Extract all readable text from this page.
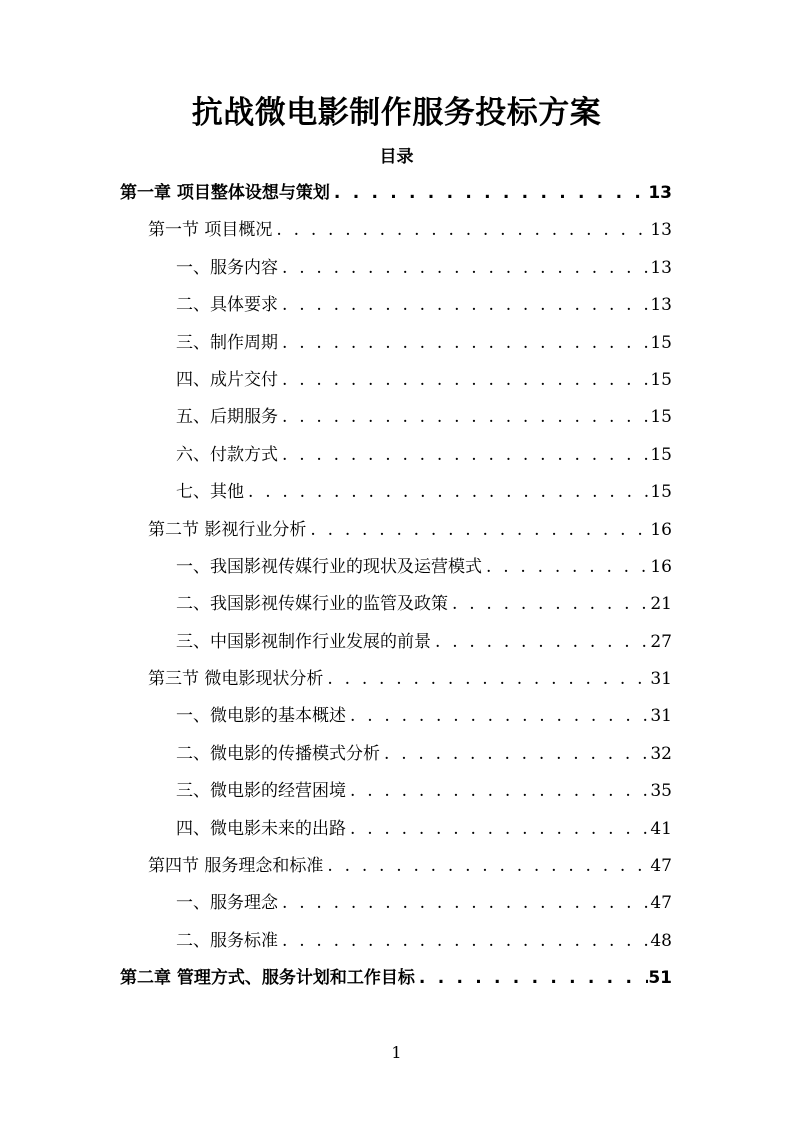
抗战微电影制作服务投标方案
目录
第一章 项目整体设想与策划 . . .	13
第一节 项目概况 . . .	13
一、服务内容 . . .	13
二、具体要求 . . .	13
三、制作周期 . . .	15
四、成片交付 . . .	15
五、后期服务 . . .	15
六、付款方式 . . .	15
七、其他 . . .	15
第二节 影视行业分析 . . .	16
一、我国影视传媒行业的现状及运营模式 . . .	16
二、我国影视传媒行业的监管及政策 . . .	21
三、中国影视制作行业发展的前景 . . .	27
第三节 微电影现状分析 . . .	31
一、微电影的基本概述 . . .	31
二、微电影的传播模式分析 . . .	32
三、微电影的经营困境 . . .	35
四、微电影未来的出路 . . .	41
第四节 服务理念和标准 . . .	47
一、服务理念 . . .	47
二、服务标准 . . .	48
第二章 管理方式、服务计划和工作目标 . . .	51
1
